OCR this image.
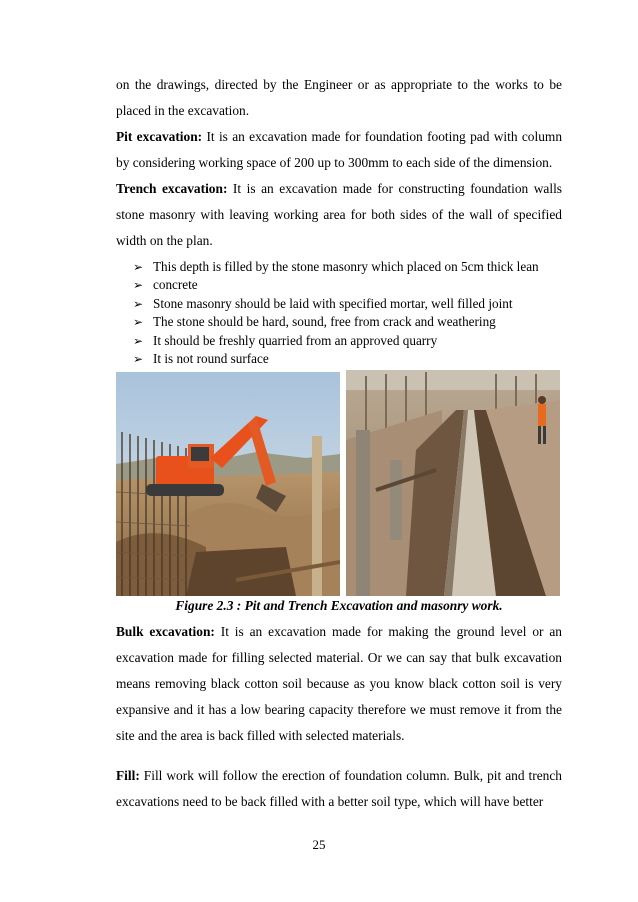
on the drawings, directed by the Engineer or as appropriate to the works to be placed in the excavation.

Pit excavation: It is an excavation made for foundation footing pad with column by considering working space of 200 up to 300mm to each side of the dimension.

Trench excavation: It is an excavation made for constructing foundation walls stone masonry with leaving working area for both sides of the wall of specified width on the plan.

➢ This depth is filled by the stone masonry which placed on 5cm thick lean
➢ concrete
➢ Stone masonry should be laid with specified mortar, well filled joint
➢ The stone should be hard, sound, free from crack and weathering
➢ It should be freshly quarried from an approved quarry
➢ It is not round surface
Figure 2.3 : Pit and Trench Excavation and masonry work.

Bulk excavation: It is an excavation made for making the ground level or an excavation made for filling selected material. Or we can say that bulk excavation means removing black cotton soil because as you know black cotton soil is very expansive and it has a low bearing capacity therefore we must remove it from the site and the area is back filled with selected materials.

Fill: Fill work will follow the erection of foundation column. Bulk, pit and trench excavations need to be back filled with a better soil type, which will have better

25
